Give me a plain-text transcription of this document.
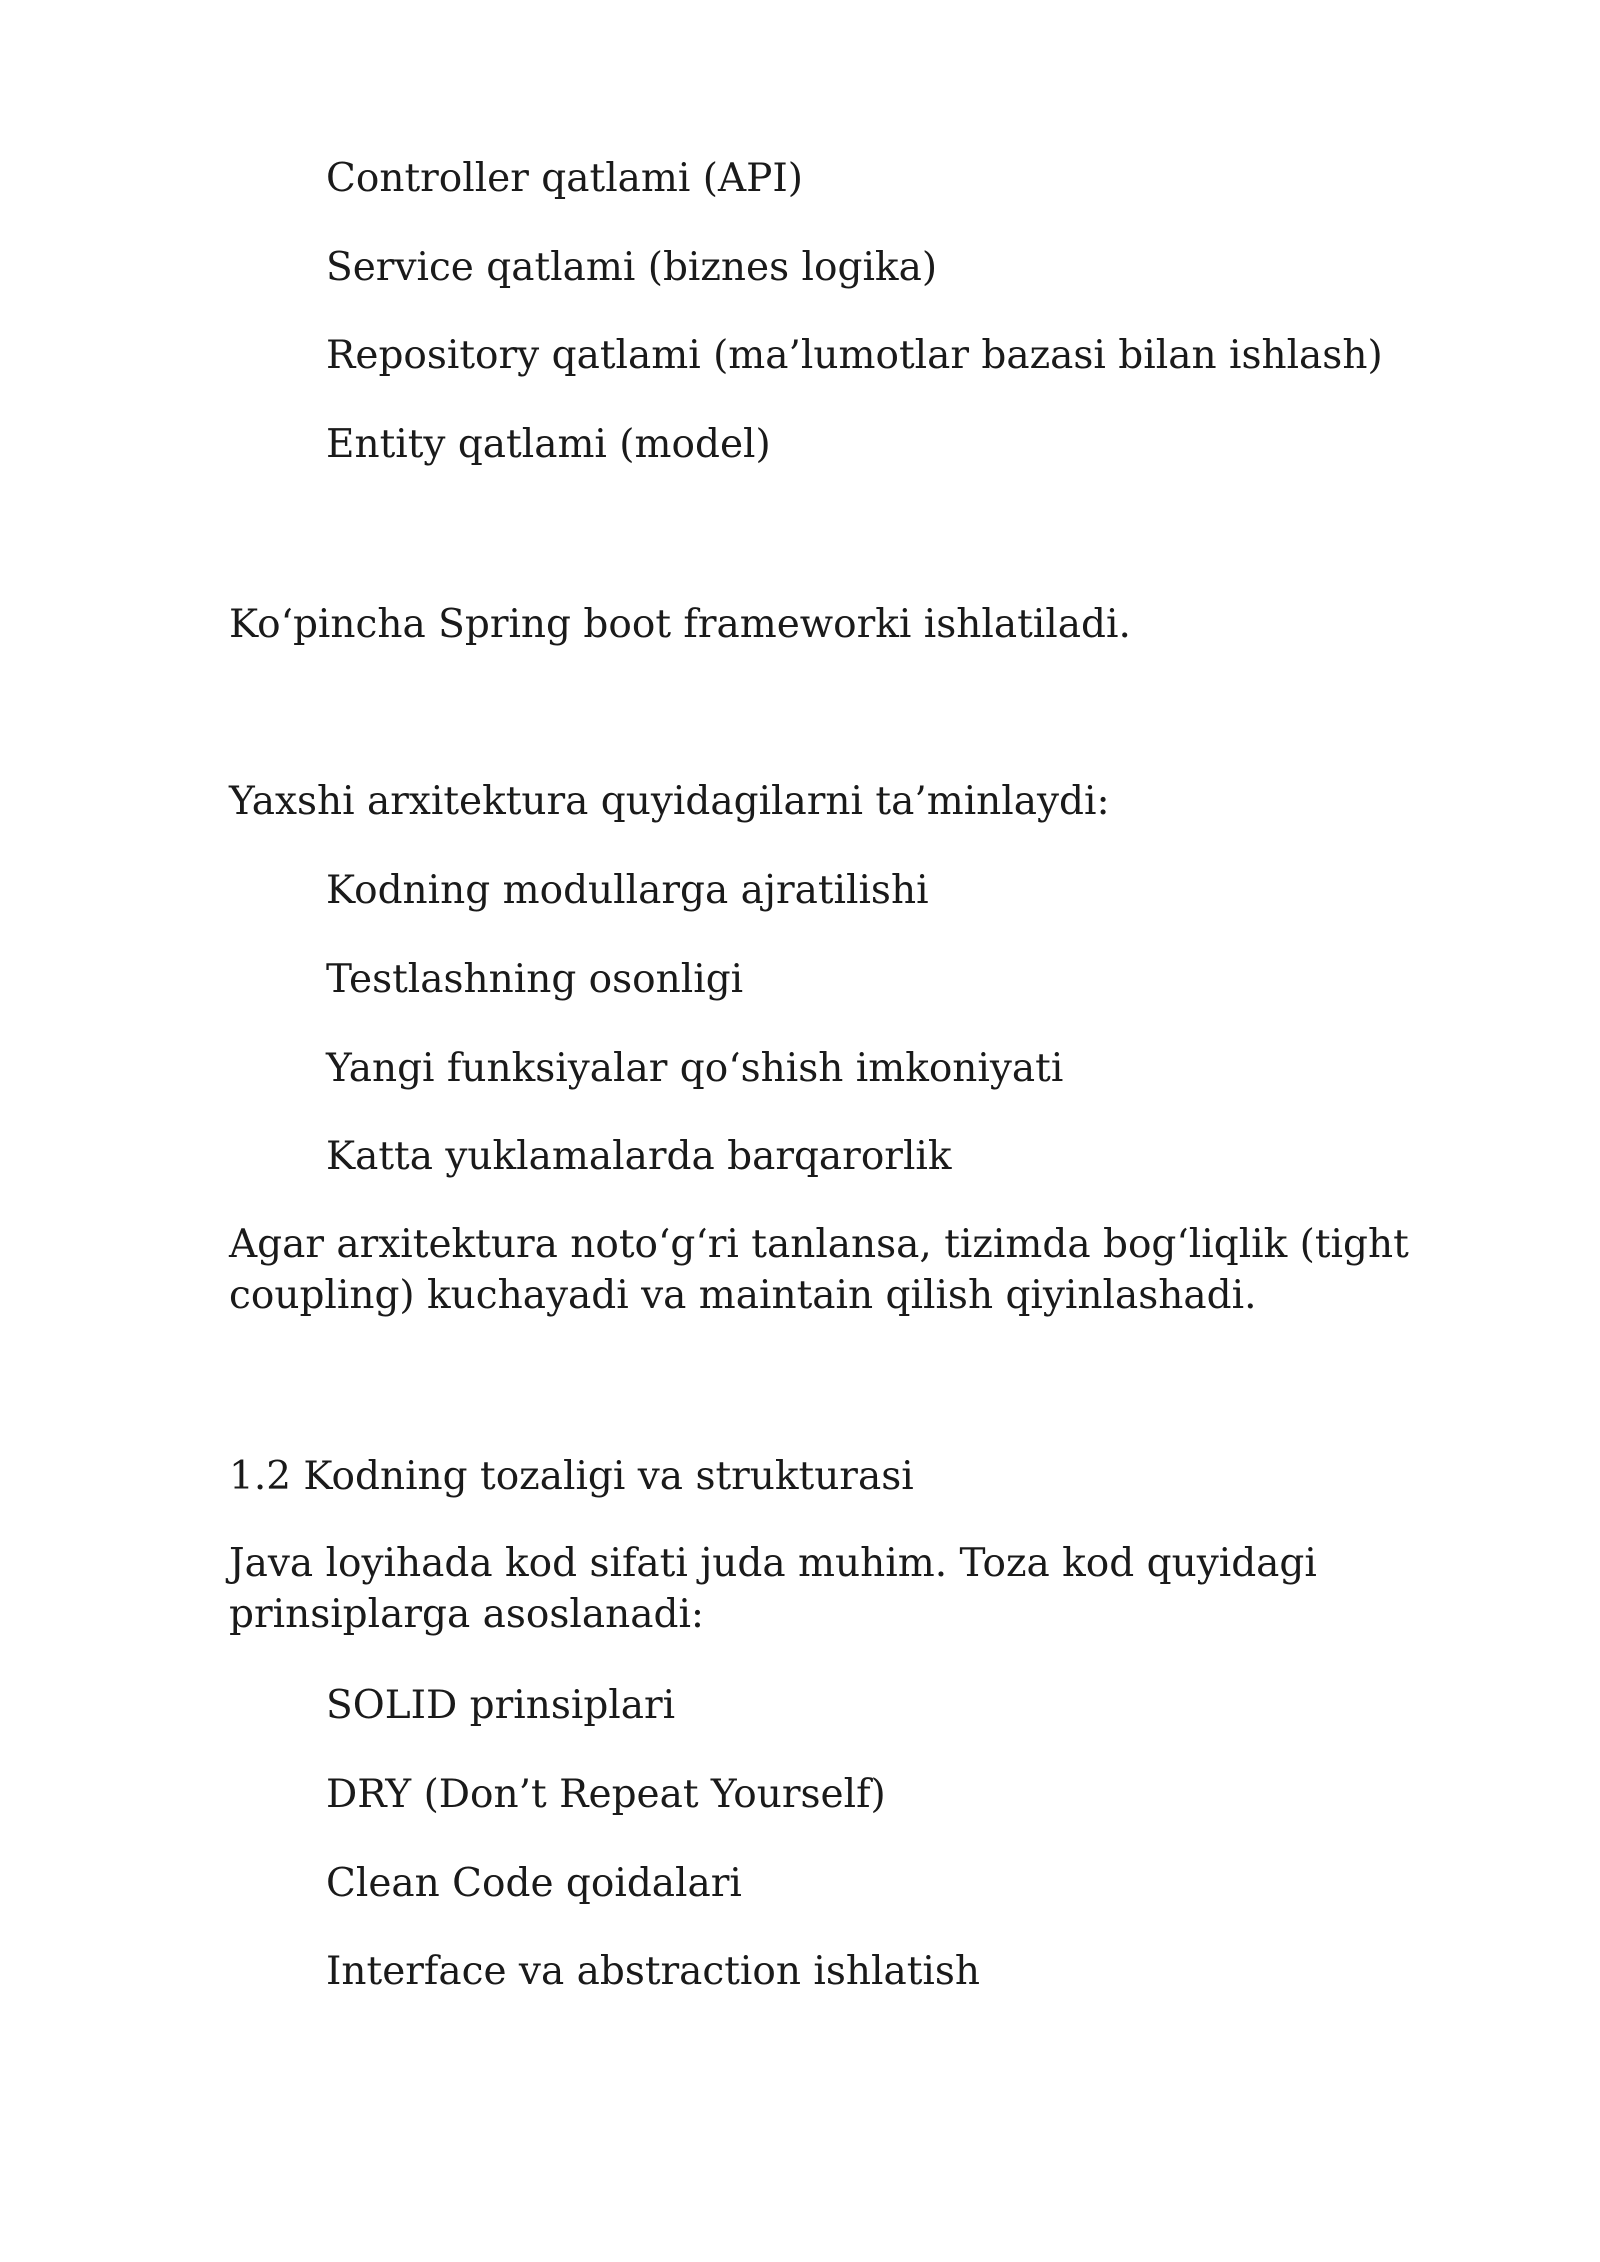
Controller qatlami (API)
Service qatlami (biznes logika)
Repository qatlami (ma’lumotlar bazasi bilan ishlash)
Entity qatlami (model)
Ko‘pincha Spring boot frameworki ishlatiladi.
Yaxshi arxitektura quyidagilarni ta’minlaydi:
Kodning modullarga ajratilishi
Testlashning osonligi
Yangi funksiyalar qo‘shish imkoniyati
Katta yuklamalarda barqarorlik
Agar arxitektura noto‘g‘ri tanlansa, tizimda bog‘liqlik (tight coupling) kuchayadi va maintain qilish qiyinlashadi.
1.2 Kodning tozaligi va strukturasi
Java loyihada kod sifati juda muhim. Toza kod quyidagi prinsiplarga asoslanadi:
SOLID prinsiplari
DRY (Don’t Repeat Yourself)
Clean Code qoidalari
Interface va abstraction ishlatish
